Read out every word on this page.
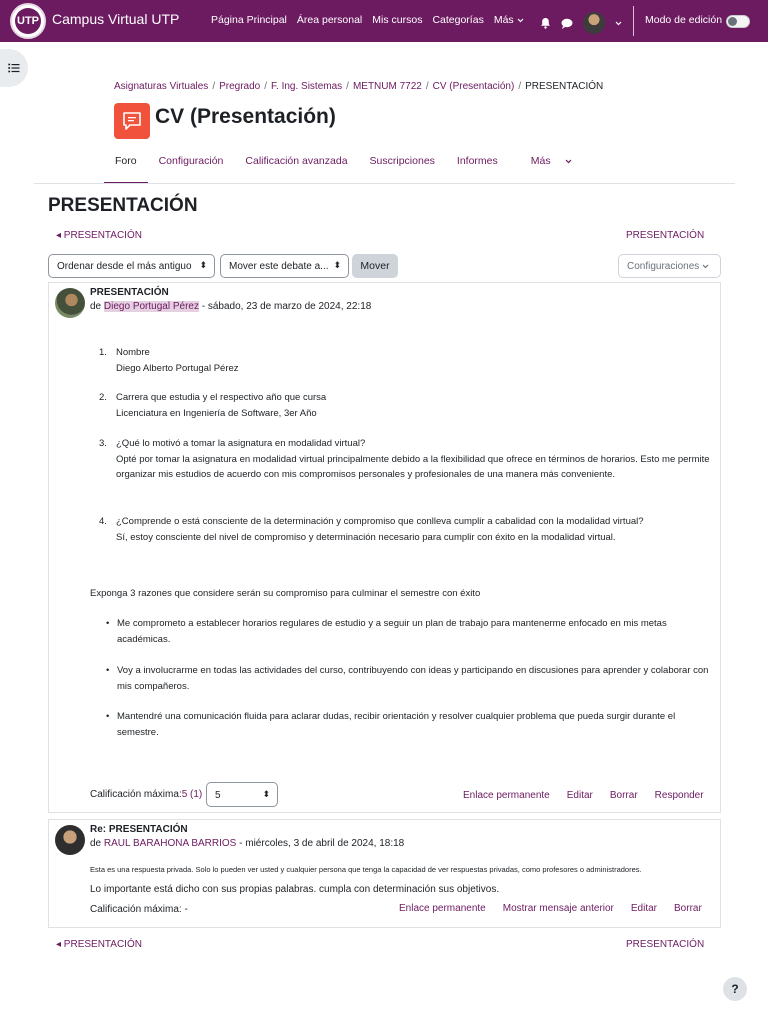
UTP Campus Virtual UTP	Página Principal Área personal Mis cursos Categorías Más	Modo de edición
Asignaturas Virtuales / Pregrado / F. Ing. Sistemas / METNUM 7722 / CV (Presentación) / PRESENTACIÓN
CV (Presentación)
Foro	Configuración	Calificación avanzada	Suscripciones	Informes	Más
PRESENTACIÓN
◂ PRESENTACIÓN	PRESENTACIÓN
Ordenar desde el más antiguo ⬍	Mover este debate a... ⬍	Mover	Configuraciones
PRESENTACIÓN
de Diego Portugal Pérez - sábado, 23 de marzo de 2024, 22:18
1. Nombre
Diego Alberto Portugal Pérez
2. Carrera que estudia y el respectivo año que cursa
Licenciatura en Ingeniería de Software, 3er Año
3. ¿Qué lo motivó a tomar la asignatura en modalidad virtual?
Opté por tomar la asignatura en modalidad virtual principalmente debido a la flexibilidad que ofrece en términos de horarios. Esto me permite organizar mis estudios de acuerdo con mis compromisos personales y profesionales de una manera más conveniente.
4. ¿Comprende o está consciente de la determinación y compromiso que conlleva cumplir a cabalidad con la modalidad virtual?
Sí, estoy consciente del nivel de compromiso y determinación necesario para cumplir con éxito en la modalidad virtual.
Exponga 3 razones que considere serán su compromiso para culminar el semestre con éxito
• Me comprometo a establecer horarios regulares de estudio y a seguir un plan de trabajo para mantenerme enfocado en mis metas académicas.
• Voy a involucrarme en todas las actividades del curso, contribuyendo con ideas y participando en discusiones para aprender y colaborar con mis compañeros.
• Mantendré una comunicación fluida para aclarar dudas, recibir orientación y resolver cualquier problema que pueda surgir durante el semestre.
Calificación máxima:5 (1)	5	⬍	Enlace permanente Editar Borrar Responder
Re: PRESENTACIÓN
de RAUL BARAHONA BARRIOS - miércoles, 3 de abril de 2024, 18:18
Esta es una respuesta privada. Solo lo pueden ver usted y cualquier persona que tenga la capacidad de ver respuestas privadas, como profesores o administradores.
Lo importante está dicho con sus propias palabras. cumpla con determinación sus objetivos.
Calificación máxima: -	Enlace permanente Mostrar mensaje anterior Editar Borrar
◂ PRESENTACIÓN	PRESENTACIÓN
?
